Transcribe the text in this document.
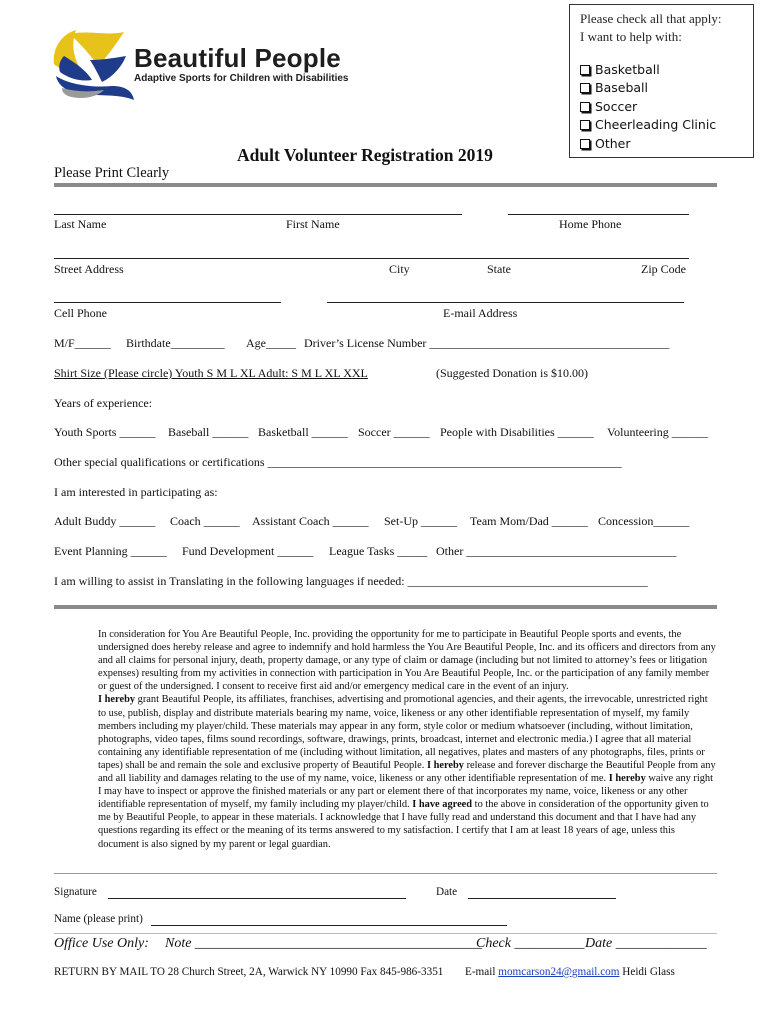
Beautiful People
Adaptive Sports for Children with Disabilities
Please check all that apply:
I want to help with:
Basketball
Baseball
Soccer
Cheerleading Clinic
Other
Adult Volunteer Registration 2019
Please Print Clearly
Last Name	First Name	Home Phone
Street Address	City	State	Zip Code
Cell Phone	E-mail Address
M/F______ Birthdate_________ Age_____ Driver’s License Number ________________________________________
Shirt Size (Please circle) Youth S M L XL Adult: S M L XL XXL	(Suggested Donation is $10.00)
Years of experience:
Youth Sports ______ Baseball ______ Basketball ______ Soccer ______ People with Disabilities ______ Volunteering ______
Other special qualifications or certifications ___________________________________________________________
I am interested in participating as:
Adult Buddy ______ Coach ______ Assistant Coach ______ Set-Up ______ Team Mom/Dad ______ Concession______
Event Planning ______ Fund Development ______ League Tasks _____ Other ___________________________________
I am willing to assist in Translating in the following languages if needed: ________________________________________

In consideration for You Are Beautiful People, Inc. providing the opportunity for me to participate in Beautiful People sports and events, the undersigned does hereby release and agree to indemnify and hold harmless the You Are Beautiful People, Inc. and its officers and directors from any and all claims for personal injury, death, property damage, or any type of claim or damage (including but not limited to attorney’s fees or litigation expenses) resulting from my activities in connection with participation in You Are Beautiful People, Inc. or the participation of any family member or guest of the undersigned. I consent to receive first aid and/or emergency medical care in the event of an injury.

I hereby grant Beautiful People, its affiliates, franchises, advertising and promotional agencies, and their agents, the irrevocable, unrestricted right to use, publish, display and distribute materials bearing my name, voice, likeness or any other identifiable representation of myself, my family members including my player/child. These materials may appear in any form, style color or medium whatsoever (including, without limitation, photographs, video tapes, films sound recordings, software, drawings, prints, broadcast, internet and electronic media.) I agree that all material containing any identifiable representation of me (including without limitation, all negatives, plates and masters of any photographs, files, prints or tapes) shall be and remain the sole and exclusive property of Beautiful People. I hereby release and forever discharge the Beautiful People from any and all liability and damages relating to the use of my name, voice, likeness or any other identifiable representation of me. I hereby waive any right I may have to inspect or approve the finished materials or any part or element there of that incorporates my name, voice, likeness or any other identifiable representation of myself, my family including my player/child. I have agreed to the above in consideration of the opportunity given to me by Beautiful People, to appear in these materials. I acknowledge that I have fully read and understand this document and that I have had any questions regarding its effect or the meaning of its terms answered to my satisfaction. I certify that I am at least 18 years of age, unless this document is also signed by my parent or legal guardian.

Signature	Date
Name (please print)
Office Use Only: Note _________________________________________
Check __________ Date _____________
RETURN BY MAIL TO 28 Church Street, 2A, Warwick NY 10990 Fax 845-986-3351 E-mail momcarson24@gmail.com Heidi Glass
